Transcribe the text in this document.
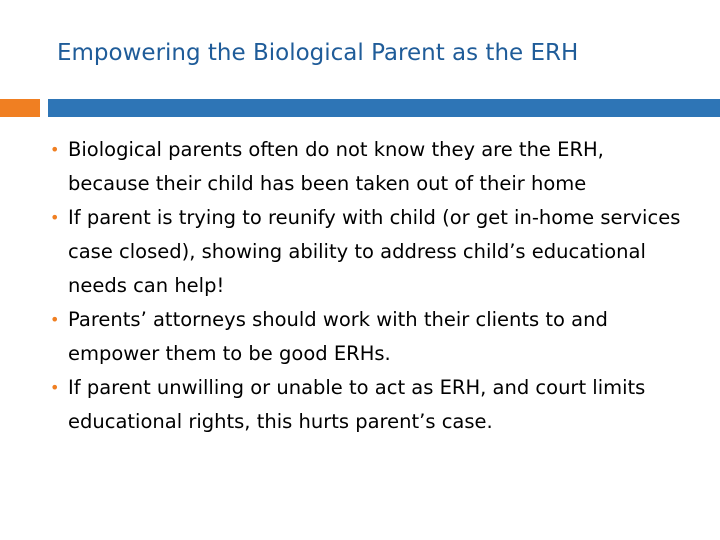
Empowering the Biological Parent as the ERH
• Biological parents often do not know they are the ERH, because their child has been taken out of their home
• If parent is trying to reunify with child (or get in-home services case closed), showing ability to address child’s educational needs can help!
• Parents’ attorneys should work with their clients to and empower them to be good ERHs.
• If parent unwilling or unable to act as ERH, and court limits educational rights, this hurts parent’s case.
